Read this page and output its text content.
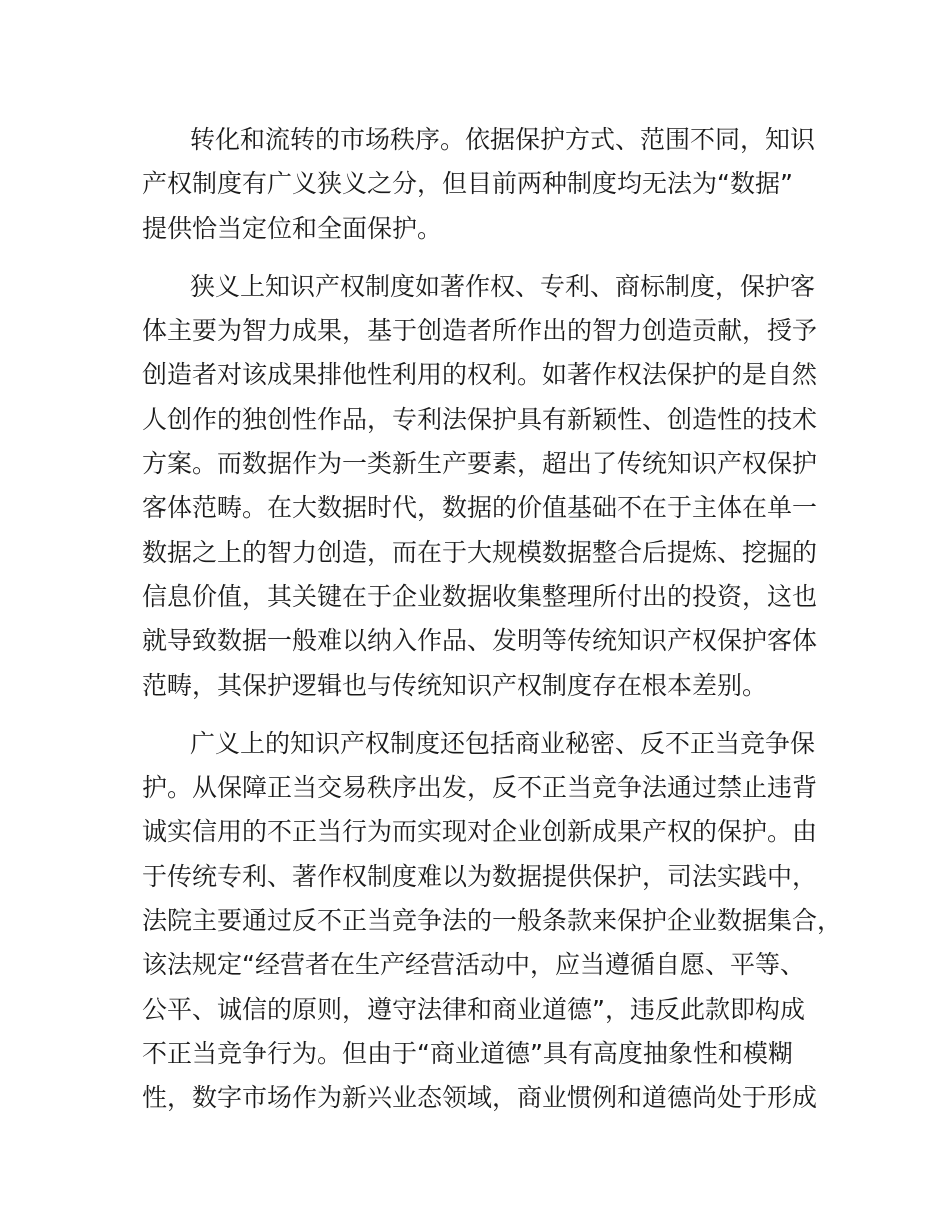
转化和流转的市场秩序。依据保护方式、范围不同，知识
产权制度有广义狭义之分，但目前两种制度均无法为“数据”
提供恰当定位和全面保护。
狭义上知识产权制度如著作权、专利、商标制度，保护客
体主要为智力成果，基于创造者所作出的智力创造贡献，授予
创造者对该成果排他性利用的权利。如著作权法保护的是自然
人创作的独创性作品，专利法保护具有新颖性、创造性的技术
方案。而数据作为一类新生产要素，超出了传统知识产权保护
客体范畴。在大数据时代，数据的价值基础不在于主体在单一
数据之上的智力创造，而在于大规模数据整合后提炼、挖掘的
信息价值，其关键在于企业数据收集整理所付出的投资，这也
就导致数据一般难以纳入作品、发明等传统知识产权保护客体
范畴，其保护逻辑也与传统知识产权制度存在根本差别。
广义上的知识产权制度还包括商业秘密、反不正当竞争保
护。从保障正当交易秩序出发，反不正当竞争法通过禁止违背
诚实信用的不正当行为而实现对企业创新成果产权的保护。由
于传统专利、著作权制度难以为数据提供保护，司法实践中，
法院主要通过反不正当竞争法的一般条款来保护企业数据集合，
该法规定“经营者在生产经营活动中，应当遵循自愿、平等、
公平、诚信的原则，遵守法律和商业道德”，违反此款即构成
不正当竞争行为。但由于“商业道德”具有高度抽象性和模糊
性，数字市场作为新兴业态领域，商业惯例和道德尚处于形成
